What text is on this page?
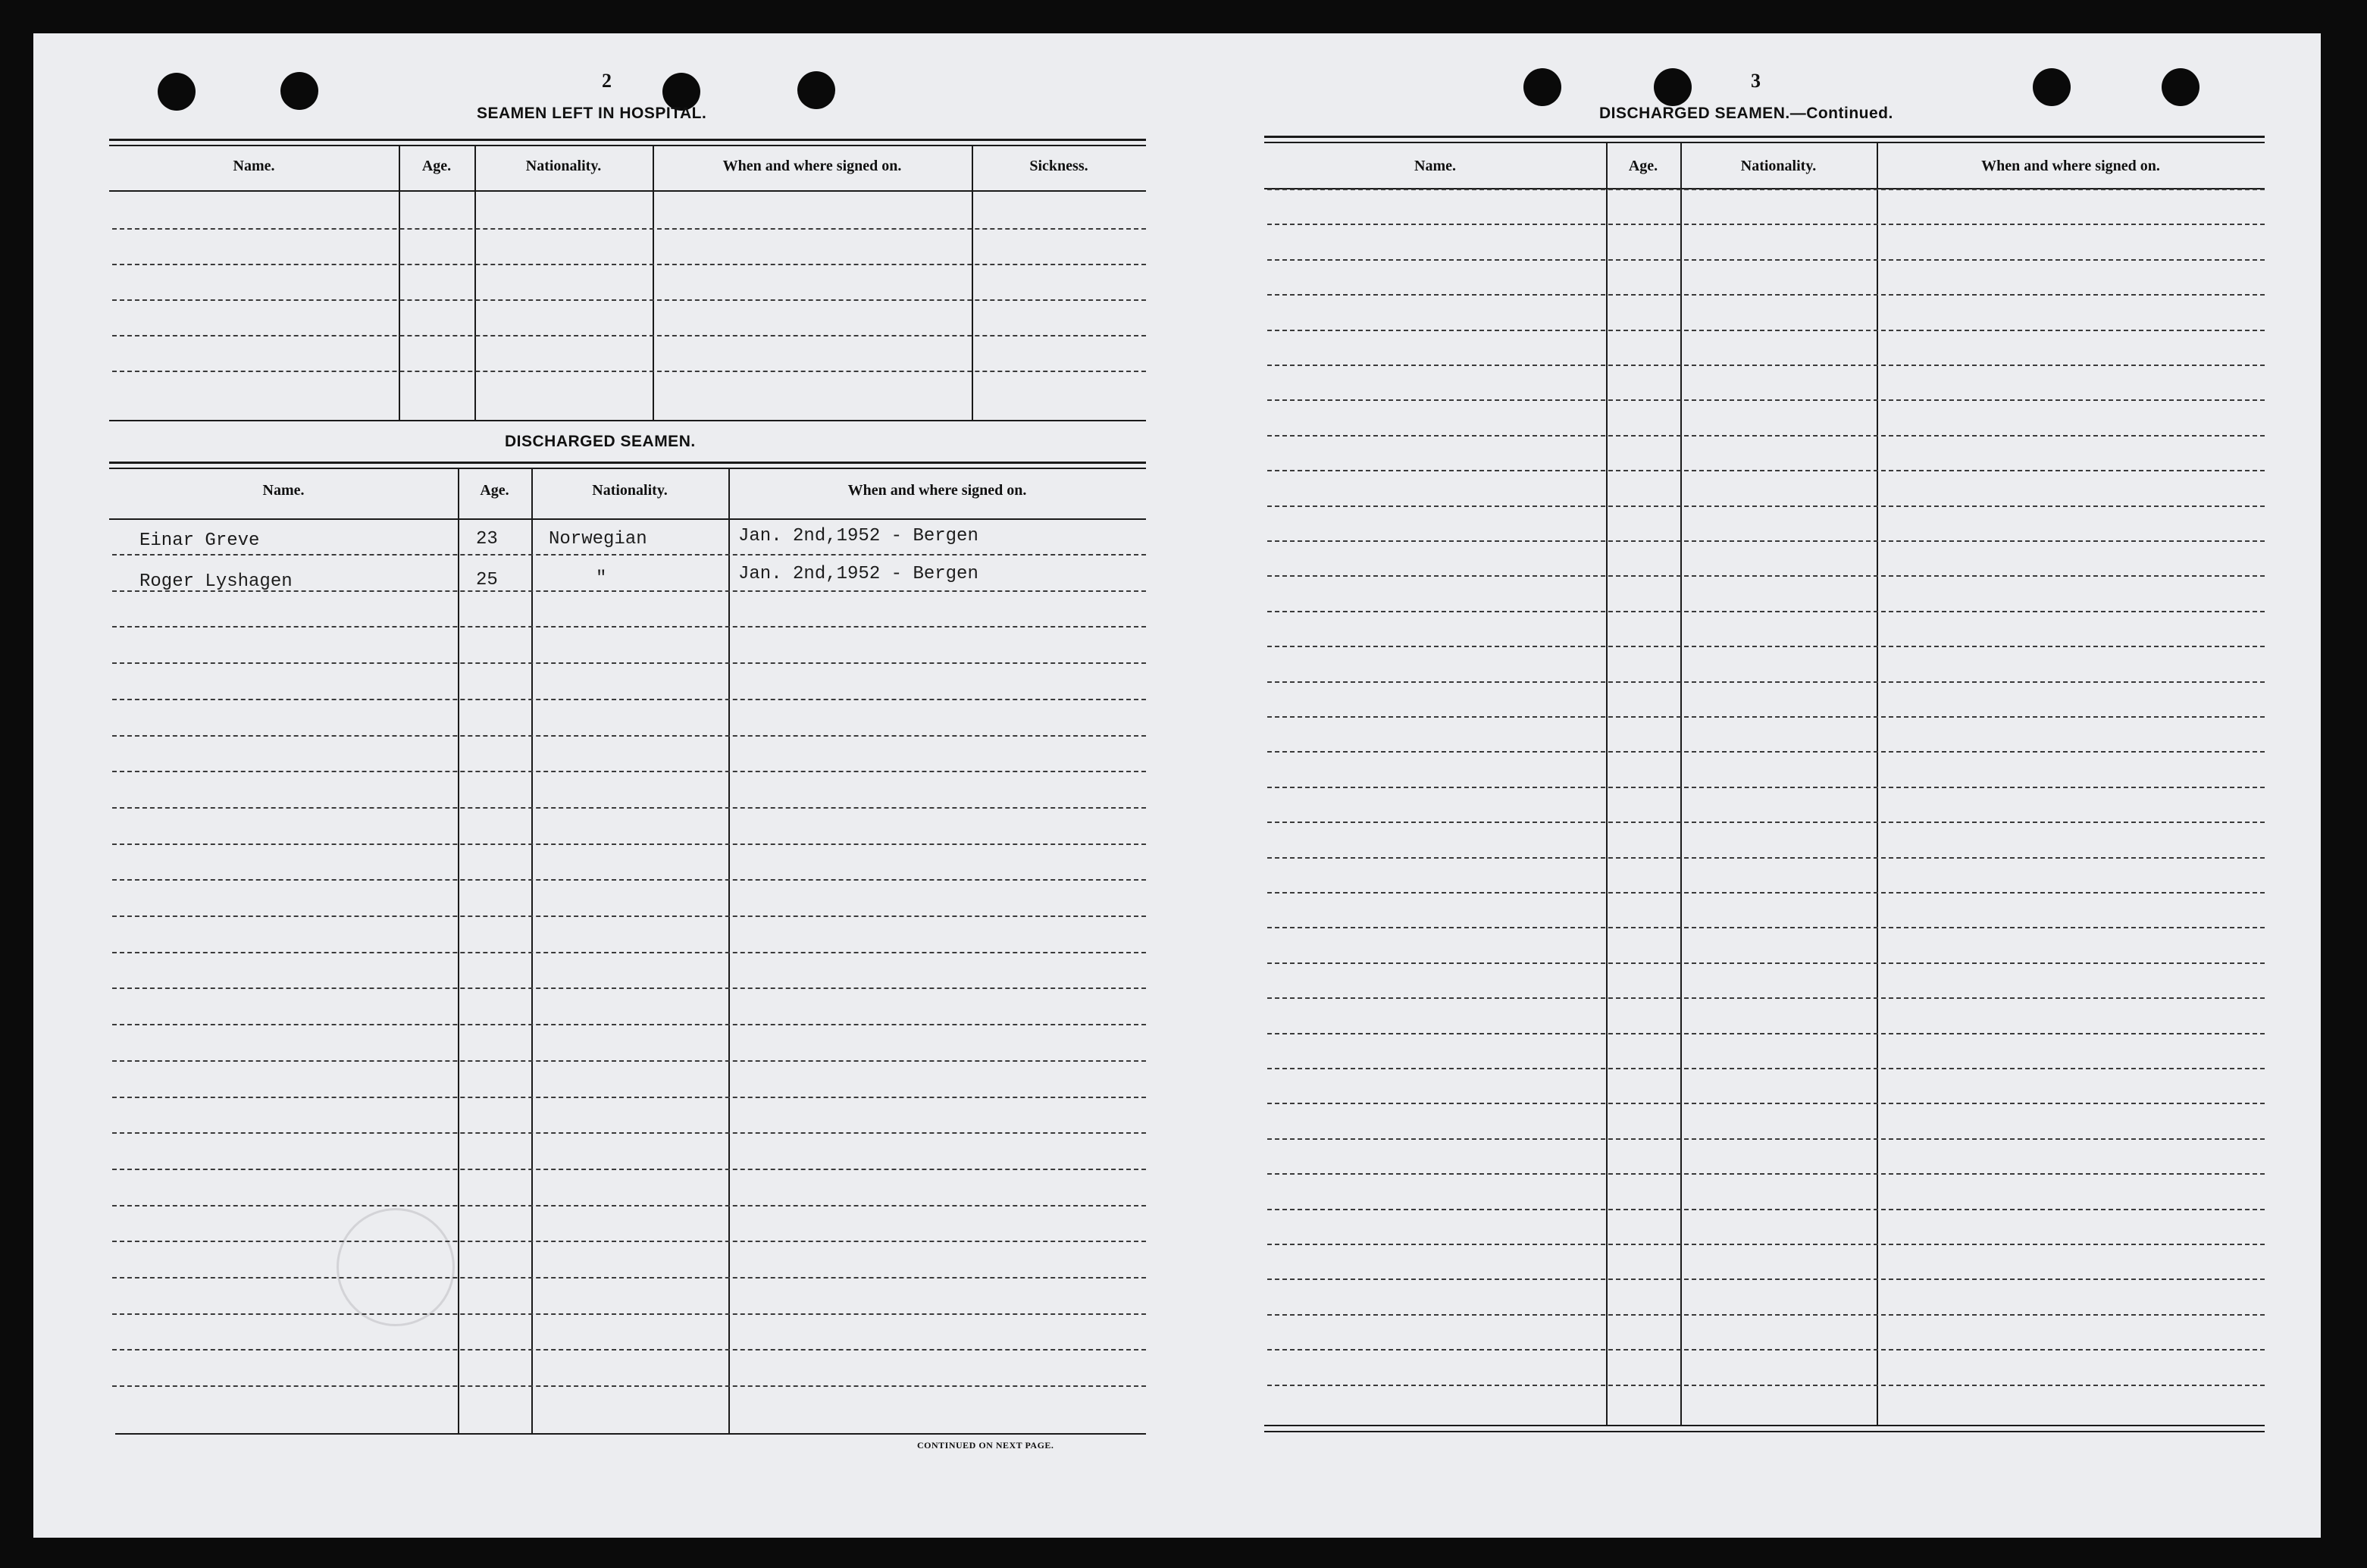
2
SEAMEN LEFT IN HOSPITAL.
Name.	Age.	Nationality.	When and where signed on.	Sickness.
DISCHARGED SEAMEN.
Name.	Age.	Nationality.	When and where signed on.
Einar Greve	23	Norwegian	Jan. 2nd,1952 - Bergen
Roger Lyshagen	25	"	Jan. 2nd,1952 - Bergen
CONTINUED ON NEXT PAGE.
3
DISCHARGED SEAMEN.—Continued.
Name.	Age.	Nationality.	When and where signed on.
